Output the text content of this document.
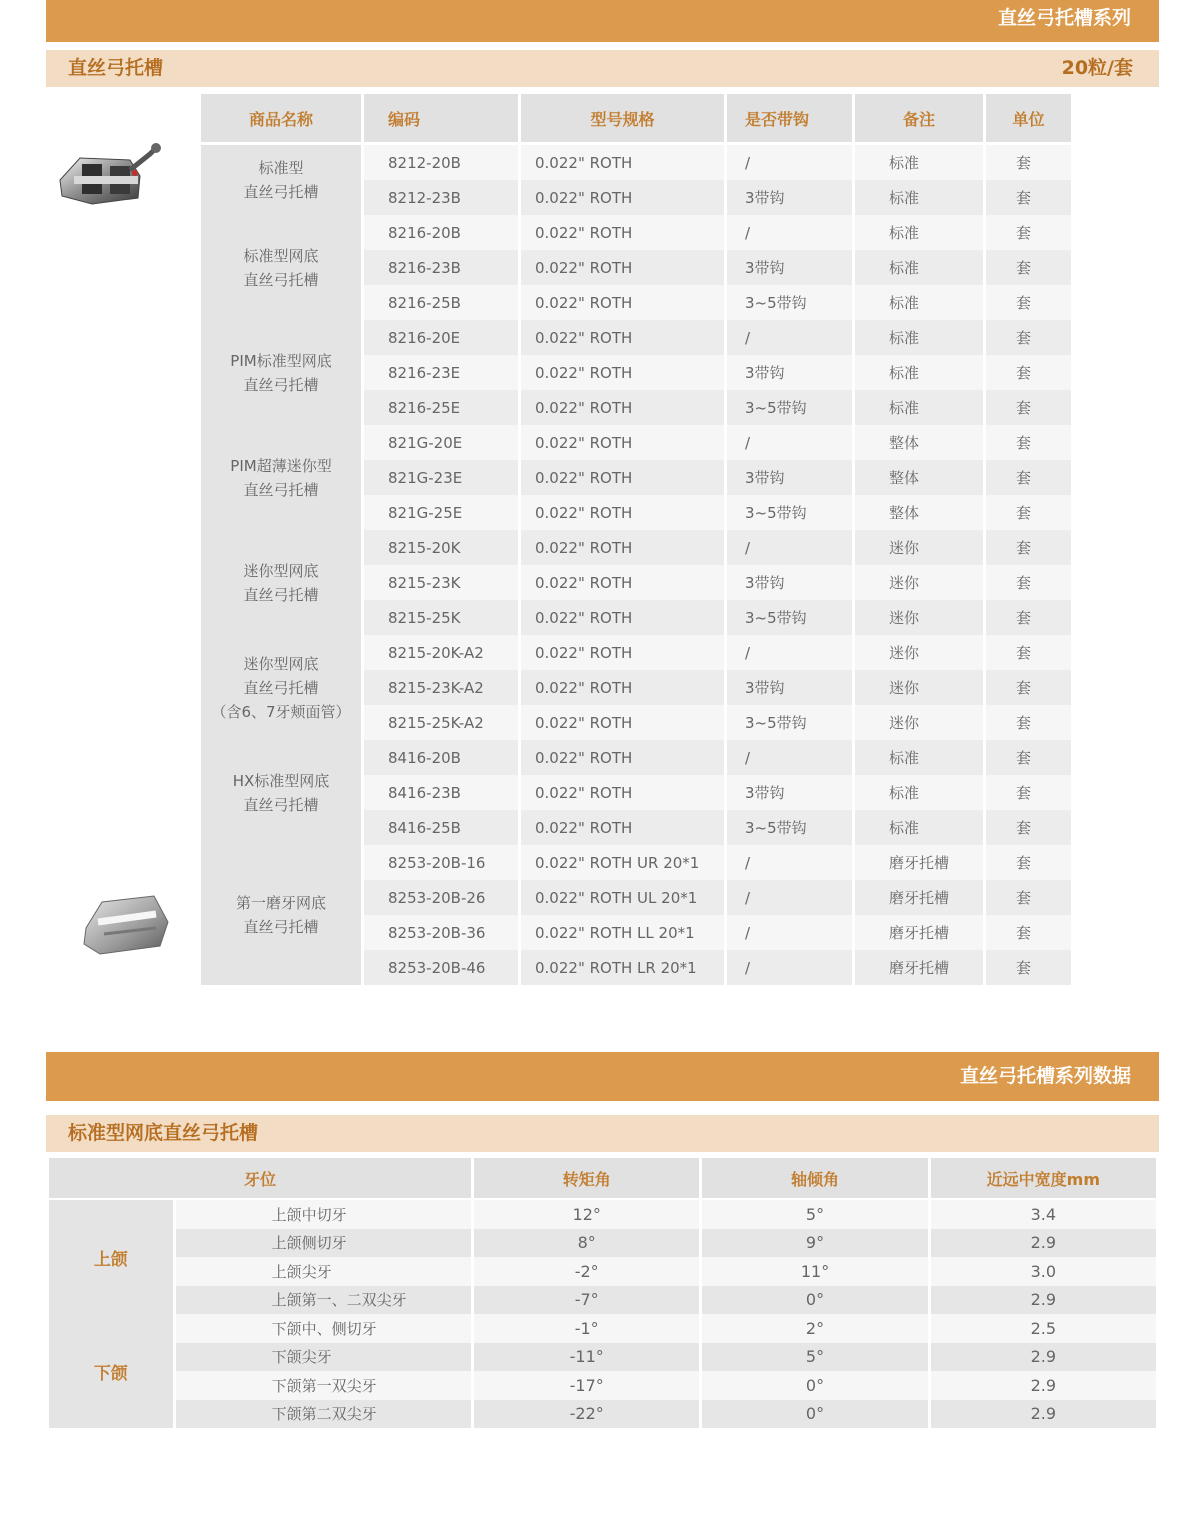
直丝弓托槽系列
直丝弓托槽	20粒/套
商品名称	编码	型号规格	是否带钩	备注	单位

标准型
直丝弓托槽	8212-20B	0.022" ROTH	/	标准	套
	8212-23B	0.022" ROTH	3带钩	标准	套

标准型网底
直丝弓托槽	8216-20B	0.022" ROTH	/	标准	套
	8216-23B	0.022" ROTH	3带钩	标准	套
	8216-25B	0.022" ROTH	3~5带钩	标准	套

PIM标准型网底
直丝弓托槽	8216-20E	0.022" ROTH	/	标准	套
	8216-23E	0.022" ROTH	3带钩	标准	套
	8216-25E	0.022" ROTH	3~5带钩	标准	套

PIM超薄迷你型
直丝弓托槽	821G-20E	0.022" ROTH	/	整体	套
	821G-23E	0.022" ROTH	3带钩	整体	套
	821G-25E	0.022" ROTH	3~5带钩	整体	套

迷你型网底
直丝弓托槽	8215-20K	0.022" ROTH	/	迷你	套
	8215-23K	0.022" ROTH	3带钩	迷你	套
	8215-25K	0.022" ROTH	3~5带钩	迷你	套

迷你型网底
直丝弓托槽
（含6、7牙颊面管）	8215-20K-A2	0.022" ROTH	/	迷你	套
	8215-23K-A2	0.022" ROTH	3带钩	迷你	套
	8215-25K-A2	0.022" ROTH	3~5带钩	迷你	套

HX标准型网底
直丝弓托槽	8416-20B	0.022" ROTH	/	标准	套
	8416-23B	0.022" ROTH	3带钩	标准	套
	8416-25B	0.022" ROTH	3~5带钩	标准	套

第一磨牙网底
直丝弓托槽	8253-20B-16	0.022" ROTH UR 20*1	/	磨牙托槽	套
	8253-20B-26	0.022" ROTH UL 20*1	/	磨牙托槽	套
	8253-20B-36	0.022" ROTH LL 20*1	/	磨牙托槽	套
	8253-20B-46	0.022" ROTH LR 20*1	/	磨牙托槽	套
直丝弓托槽系列数据
标准型网底直丝弓托槽
牙位		转矩角	轴倾角	近远中宽度mm
上颌	上颌中切牙	12°	5°	3.4
	上颌侧切牙	8°	9°	2.9
	上颌尖牙	-2°	11°	3.0
	上颌第一、二双尖牙	-7°	0°	2.9
下颌	下颌中、侧切牙	-1°	2°	2.5
	下颌尖牙	-11°	5°	2.9
	下颌第一双尖牙	-17°	0°	2.9
	下颌第二双尖牙	-22°	0°	2.9
